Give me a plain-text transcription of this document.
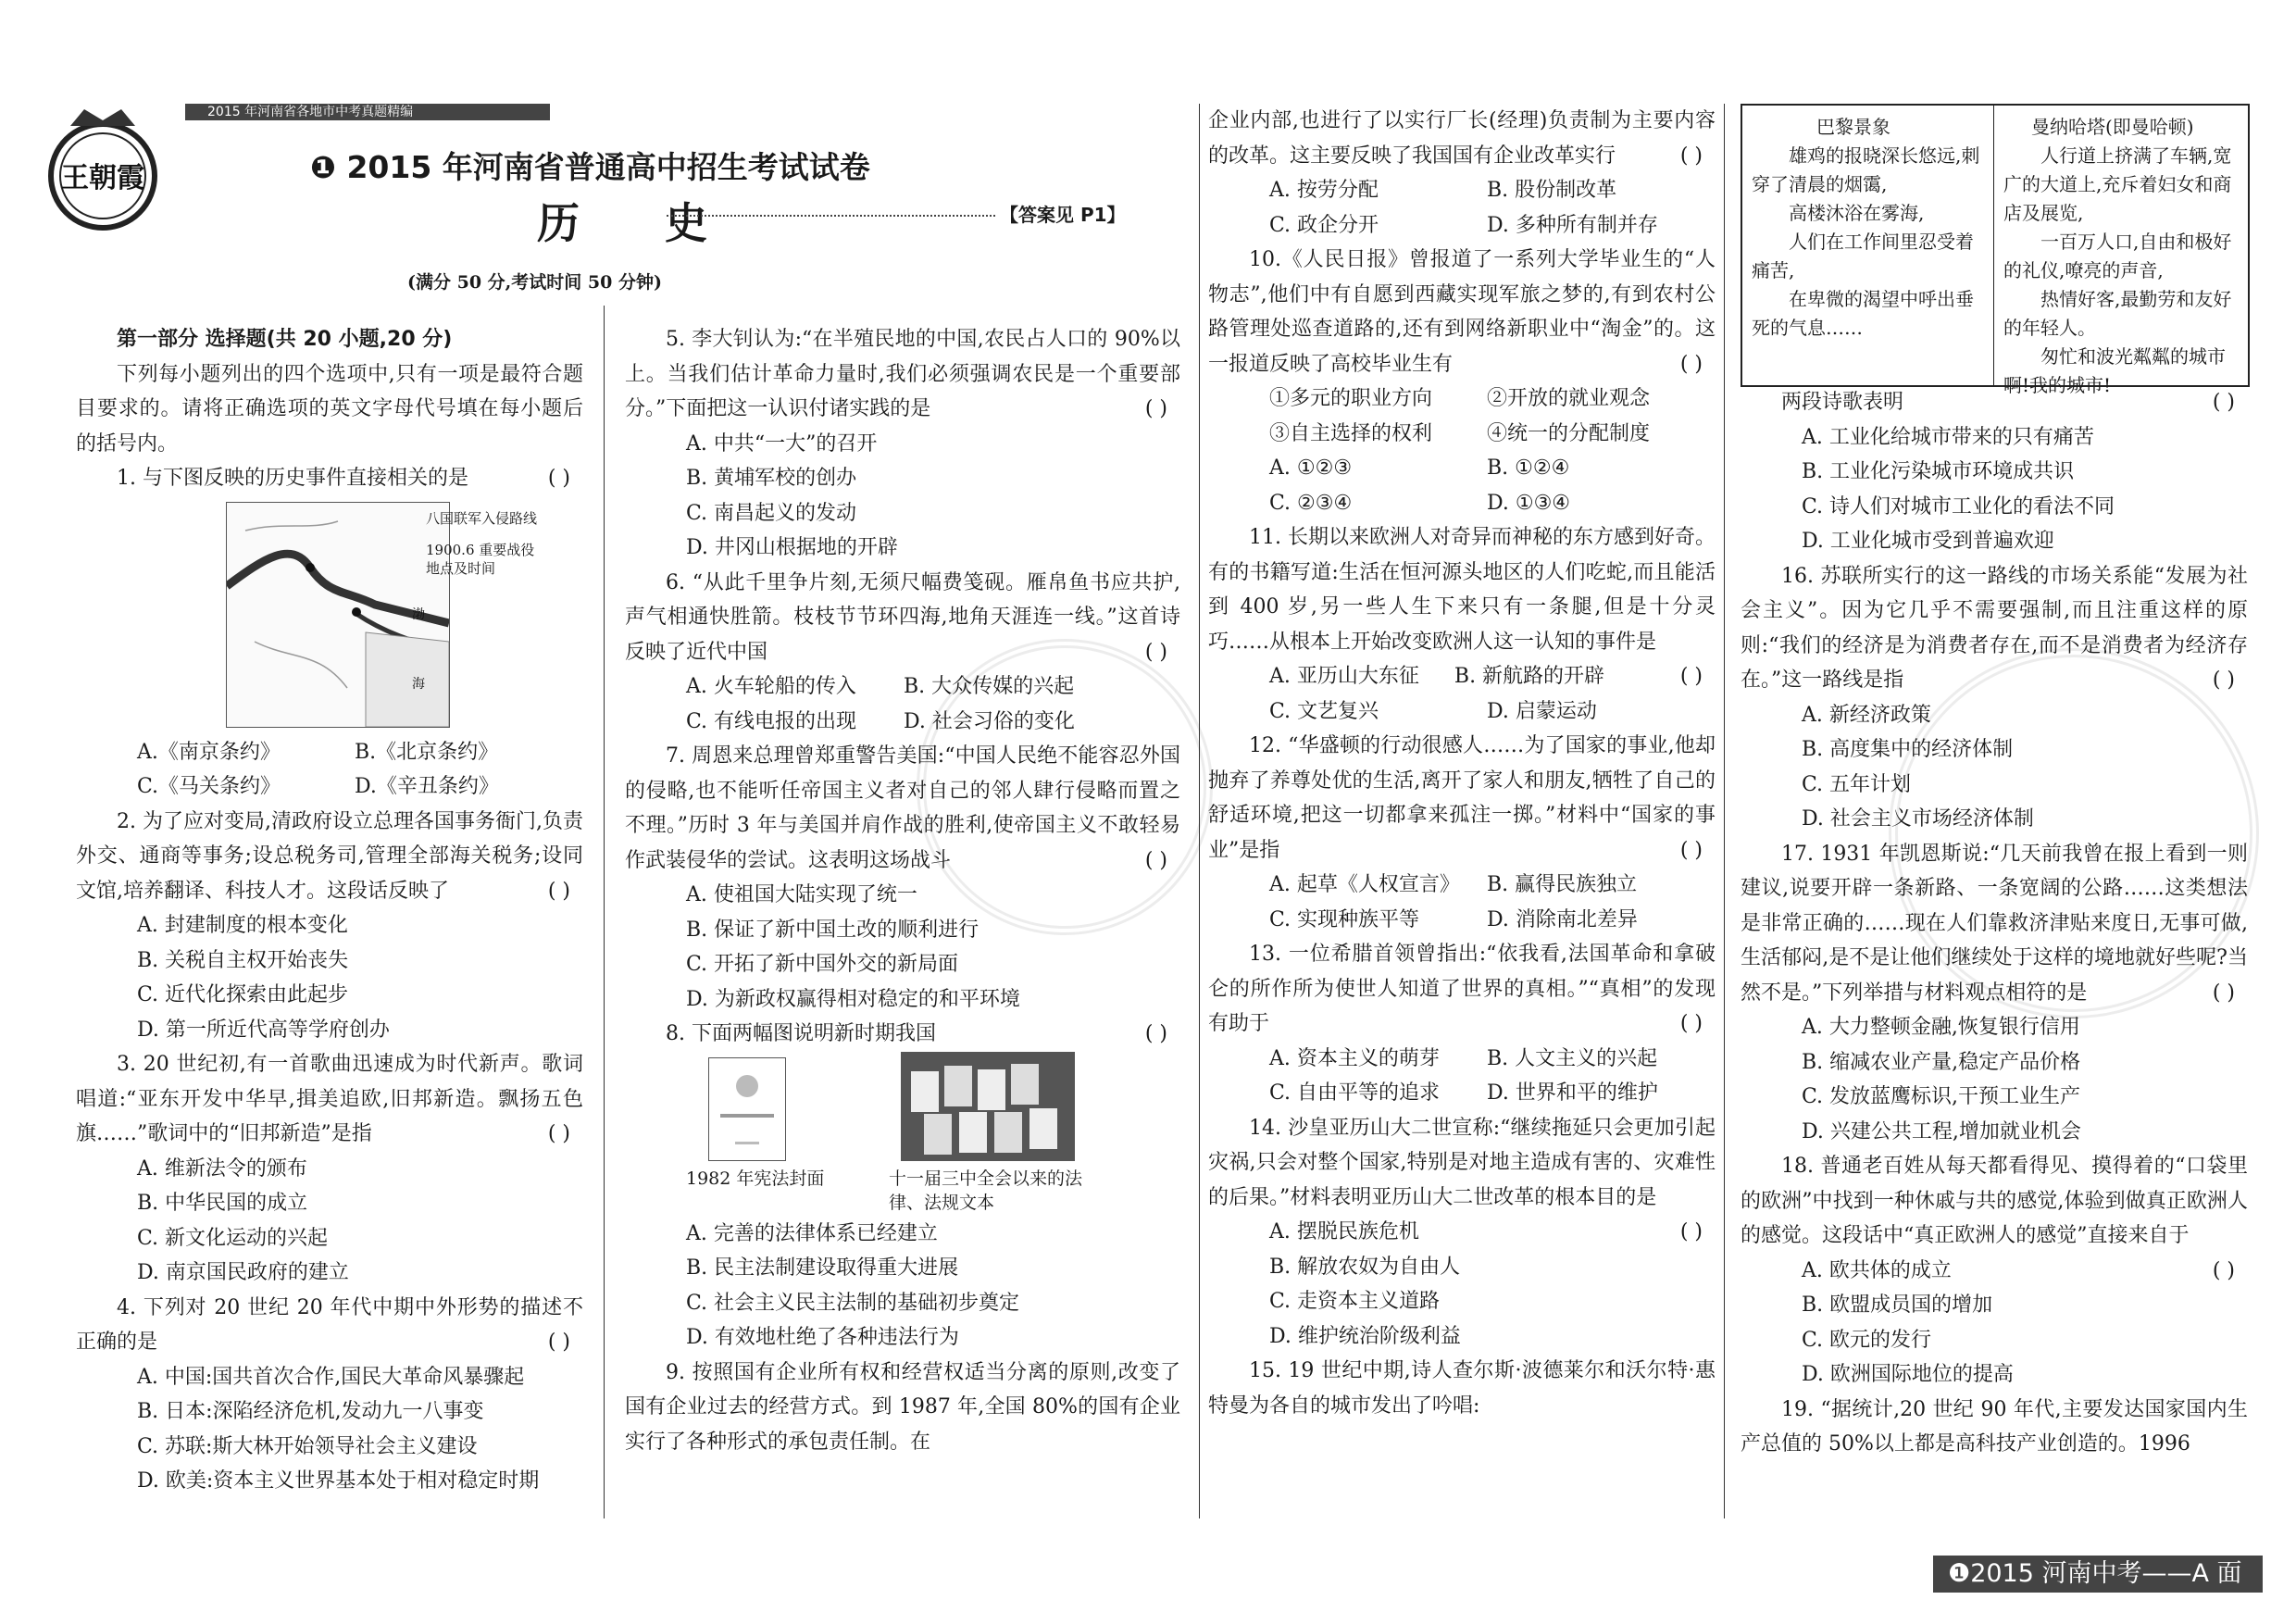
王朝霞
2015 年河南省各地市中考真题精编
❶ 2015 年河南省普通高中招生考试试卷
历 史	【答案见 P1】
(满分 50 分,考试时间 50 分钟)

第一部分 选择题(共 20 小题,20 分)

下列每小题列出的四个选项中,只有一项是最符合题目要求的。请将正确选项的英文字母代号填在每小题后的括号内。

1. 与下图反映的历史事件直接相关的是	( )

渤
海
八国联军入侵路线
1900.6 重要战役地点及时间
A.《南京条约》	B.《北京条约》
C.《马关条约》	D.《辛丑条约》

2. 为了应对变局,清政府设立总理各国事务衙门,负责外交、通商等事务;设总税务司,管理全部海关税务;设同文馆,培养翻译、科技人才。这段话反映了	( )

A. 封建制度的根本变化

B. 关税自主权开始丧失

C. 近代化探索由此起步

D. 第一所近代高等学府创办

3. 20 世纪初,有一首歌曲迅速成为时代新声。歌词唱道:“亚东开发中华早,揖美追欧,旧邦新造。飘扬五色旗……”歌词中的“旧邦新造”是指	( )

A. 维新法令的颁布

B. 中华民国的成立

C. 新文化运动的兴起

D. 南京国民政府的建立

4. 下列对 20 世纪 20 年代中期中外形势的描述不正确的是	( )

A. 中国:国共首次合作,国民大革命风暴骤起

B. 日本:深陷经济危机,发动九一八事变

C. 苏联:斯大林开始领导社会主义建设

D. 欧美:资本主义世界基本处于相对稳定时期

5. 李大钊认为:“在半殖民地的中国,农民占人口的 90%以上。当我们估计革命力量时,我们必须强调农民是一个重要部分。”下面把这一认识付诸实践的是	( )

A. 中共“一大”的召开

B. 黄埔军校的创办

C. 南昌起义的发动

D. 井冈山根据地的开辟

6. “从此千里争片刻,无须尺幅费笺砚。雁帛鱼书应共护,声气相通快胜箭。枝枝节节环四海,地角天涯连一线。”这首诗反映了近代中国	( )

A. 火车轮船的传入	B. 大众传媒的兴起
C. 有线电报的出现	D. 社会习俗的变化

7. 周恩来总理曾郑重警告美国:“中国人民绝不能容忍外国的侵略,也不能听任帝国主义者对自己的邻人肆行侵略而置之不理。”历时 3 年与美国并肩作战的胜利,使帝国主义不敢轻易作武装侵华的尝试。这表明这场战斗	( )

A. 使祖国大陆实现了统一

B. 保证了新中国土改的顺利进行

C. 开拓了新中国外交的新局面

D. 为新政权赢得相对稳定的和平环境

8. 下面两幅图说明新时期我国	( )

1982 年宪法封面	十一届三中全会以来的法律、法规文本

A. 完善的法律体系已经建立

B. 民主法制建设取得重大进展

C. 社会主义民主法制的基础初步奠定

D. 有效地杜绝了各种违法行为

9. 按照国有企业所有权和经营权适当分离的原则,改变了国有企业过去的经营方式。到 1987 年,全国 80%的国有企业实行了各种形式的承包责任制。在

企业内部,也进行了以实行厂长(经理)负责制为主要内容的改革。这主要反映了我国国有企业改革实行	( )

A. 按劳分配	B. 股份制改革
C. 政企分开	D. 多种所有制并存

10.《人民日报》曾报道了一系列大学毕业生的“人物志”,他们中有自愿到西藏实现军旅之梦的,有到农村公路管理处巡查道路的,还有到网络新职业中“淘金”的。这一报道反映了高校毕业生有	( )

①多元的职业方向	②开放的就业观念
③自主选择的权利	④统一的分配制度
A. ①②③	B. ①②④
C. ②③④	D. ①③④

11. 长期以来欧洲人对奇异而神秘的东方感到好奇。有的书籍写道:生活在恒河源头地区的人们吃蛇,而且能活到 400 岁,另一些人生下来只有一条腿,但是十分灵巧……从根本上开始改变欧洲人这一认知的事件是
( )

A. 亚历山大东征	B. 新航路的开辟
C. 文艺复兴	D. 启蒙运动

12. “华盛顿的行动很感人……为了国家的事业,他却抛弃了养尊处优的生活,离开了家人和朋友,牺牲了自己的舒适环境,把这一切都拿来孤注一掷。”材料中“国家的事业”是指	( )

A. 起草《人权宣言》	B. 赢得民族独立
C. 实现种族平等	D. 消除南北差异

13. 一位希腊首领曾指出:“依我看,法国革命和拿破仑的所作所为使世人知道了世界的真相。”“真相”的发现有助于	( )

A. 资本主义的萌芽	B. 人文主义的兴起
C. 自由平等的追求	D. 世界和平的维护

14. 沙皇亚历山大二世宣称:“继续拖延只会更加引起灾祸,只会对整个国家,特别是对地主造成有害的、灾难性的后果。”材料表明亚历山大二世改革的根本目的是
( )

A. 摆脱民族危机

B. 解放农奴为自由人

C. 走资本主义道路

D. 维护统治阶级利益

15. 19 世纪中期,诗人查尔斯·波德莱尔和沃尔特·惠特曼为各自的城市发出了吟唱:

巴黎景象

雄鸡的报晓深长悠远,刺穿了清晨的烟霭,

高楼沐浴在雾海,

人们在工作间里忍受着痛苦,

在卑微的渴望中呼出垂死的气息……

曼纳哈塔(即曼哈顿)

人行道上挤满了车辆,宽广的大道上,充斥着妇女和商店及展览,

一百万人口,自由和极好的礼仪,嘹亮的声音,

热情好客,最勤劳和友好的年轻人。

匆忙和波光粼粼的城市啊!我的城市!

两段诗歌表明	( )

A. 工业化给城市带来的只有痛苦

B. 工业化污染城市环境成共识

C. 诗人们对城市工业化的看法不同

D. 工业化城市受到普遍欢迎

16. 苏联所实行的这一路线的市场关系能“发展为社会主义”。因为它几乎不需要强制,而且注重这样的原则:“我们的经济是为消费者存在,而不是消费者为经济存在。”这一路线是指	( )

A. 新经济政策

B. 高度集中的经济体制

C. 五年计划

D. 社会主义市场经济体制

17. 1931 年凯恩斯说:“几天前我曾在报上看到一则建议,说要开辟一条新路、一条宽阔的公路……这类想法是非常正确的……现在人们靠救济津贴来度日,无事可做,生活郁闷,是不是让他们继续处于这样的境地就好些呢?当然不是。”下列举措与材料观点相符的是	( )

A. 大力整顿金融,恢复银行信用

B. 缩减农业产量,稳定产品价格

C. 发放蓝鹰标识,干预工业生产

D. 兴建公共工程,增加就业机会

18. 普通老百姓从每天都看得见、摸得着的“口袋里的欧洲”中找到一种休戚与共的感觉,体验到做真正欧洲人的感觉。这段话中“真正欧洲人的感觉”直接来自于
( )

A. 欧共体的成立

B. 欧盟成员国的增加

C. 欧元的发行

D. 欧洲国际地位的提高

19. “据统计,20 世纪 90 年代,主要发达国家国内生产总值的 50%以上都是高科技产业创造的。1996

❶2015 河南中考——A 面
